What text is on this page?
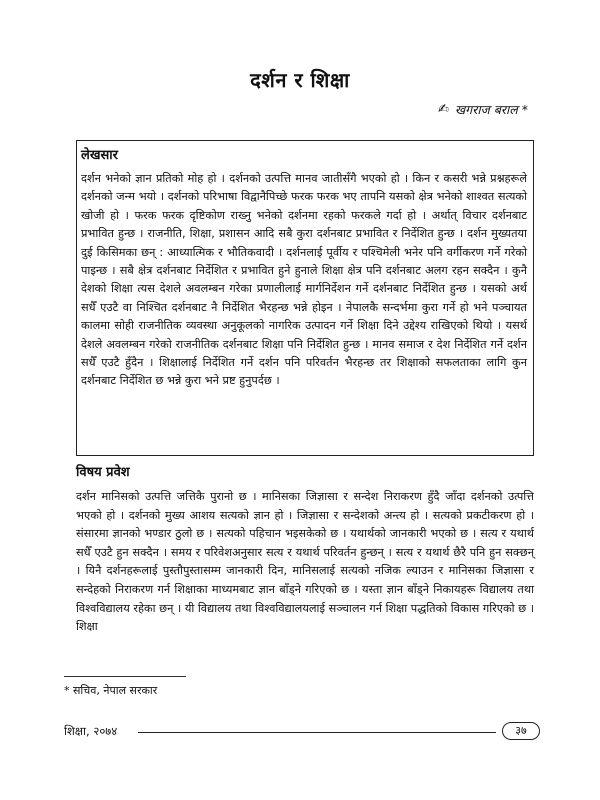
दर्शन र शिक्षा
✍ खगराज बराल *
लेखसार
दर्शन भनेको ज्ञान प्रतिको मोह हो । दर्शनको उत्पत्ति मानव जातीसँगै भएको हो । किन र कसरी भन्ने प्रश्नहरूले दर्शनको जन्म भयो । दर्शनको परिभाषा विद्वानैपिच्छे फरक फरक भए तापनि यसको क्षेत्र भनेको शाश्वत सत्यको खोजी हो । फरक फरक दृष्टिकोण राख्नु भनेको दर्शनमा रहको फरकले गर्दा हो । अर्थात् विचार दर्शनबाट प्रभावित हुन्छ । राजनीति, शिक्षा, प्रशासन आदि सबै कुरा दर्शनबाट प्रभावित र निर्देशित हुन्छ । दर्शन मुख्यतया दुई किसिमका छन् : आध्यात्मिक र भौतिकवादी । दर्शनलाई पूर्वीय र पश्चिमेली भनेर पनि वर्गीकरण गर्ने गरेको पाइन्छ । सबै क्षेत्र दर्शनबाट निर्देशित र प्रभावित हुने हुनाले शिक्षा क्षेत्र पनि दर्शनबाट अलग रहन सक्दैन । कुनै देशको शिक्षा त्यस देशले अवलम्बन गरेका प्रणालीलाई मार्गनिर्देशन गर्ने दर्शनबाट निर्देशित हुन्छ । यसको अर्थ सधैँ एउटै वा निश्चित दर्शनबाट नै निर्देशित भैरहन्छ भन्ने होइन । नेपालकै सन्दर्भमा कुरा गर्ने हो भने पञ्चायत कालमा सोही राजनीतिक व्यवस्था अनुकूलको नागरिक उत्पादन गर्ने शिक्षा दिने उद्देश्य राखिएको थियो । यसर्थ देशले अवलम्बन गरेको राजनीतिक दर्शनबाट शिक्षा पनि निर्देशित हुन्छ । मानव समाज र देश निर्देशित गर्ने दर्शन सधैँ एउटै हुँदैन । शिक्षालाई निर्देशित गर्ने दर्शन पनि परिवर्तन भैरहन्छ तर शिक्षाको सफलताका लागि कुन दर्शनबाट निर्देशित छ भन्ने कुरा भने प्रष्ट हुनुपर्दछ ।
विषय प्रवेश
दर्शन मानिसको उत्पत्ति जत्तिकै पुरानो छ । मानिसका जिज्ञासा र सन्देश निराकरण हुँदै जाँदा दर्शनको उत्पत्ति भएको हो । दर्शनको मुख्य आशय सत्यको ज्ञान हो । जिज्ञासा र सन्देशको अन्त्य हो । सत्यको प्रकटीकरण हो । संसारमा ज्ञानको भण्डार ठुलो छ । सत्यको पहिचान भइसकेको छ । यथार्थको जानकारी भएको छ । सत्य र यथार्थ सधैँ एउटै हुन सक्दैन । समय र परिवेशअनुसार सत्य र यथार्थ परिवर्तन हुन्छन् । सत्य र यथार्थ छैरै पनि हुन सक्छन् । यिनै दर्शनहरूलाई पुस्तौपुस्तासम्म जानकारी दिन, मानिसलाई सत्यको नजिक ल्याउन र मानिसका जिज्ञासा र सन्देहको निराकरण गर्न शिक्षाका माध्यमबाट ज्ञान बाँड्ने गरिएको छ । यस्ता ज्ञान बाँड्ने निकायहरू विद्यालय तथा विश्वविद्यालय रहेका छन् । यी विद्यालय तथा विश्वविद्यालयलाई सञ्चालन गर्न शिक्षा पद्धतिको विकास गरिएको छ । शिक्षा
* सचिव, नेपाल सरकार
शिक्षा, २०७४	३७
